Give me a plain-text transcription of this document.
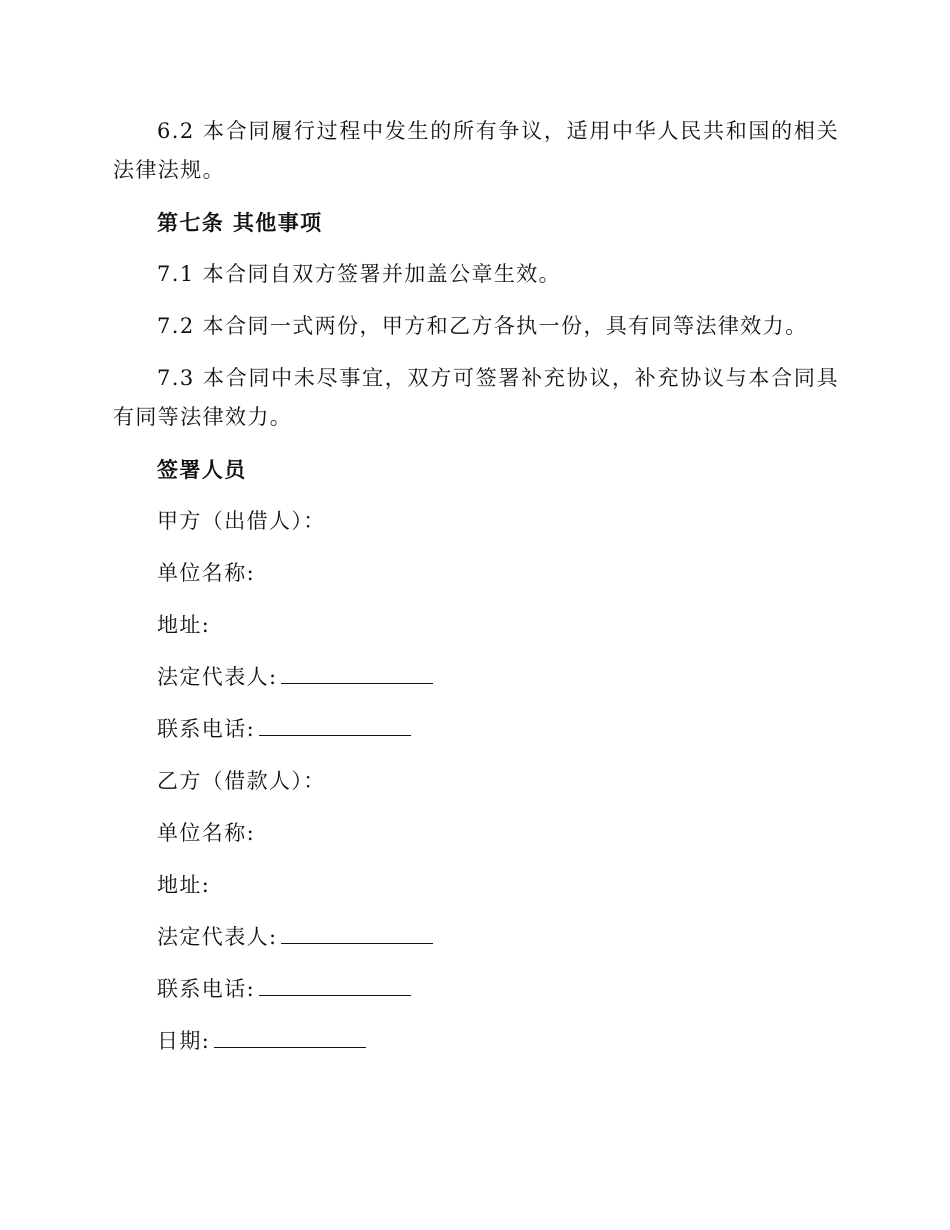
6.2 本合同履行过程中发生的所有争议，适用中华人民共和国的相关法律法规。

第七条 其他事项

7.1 本合同自双方签署并加盖公章生效。

7.2 本合同一式两份，甲方和乙方各执一份，具有同等法律效力。

7.3 本合同中未尽事宜，双方可签署补充协议，补充协议与本合同具有同等法律效力。

签署人员
甲方（出借人）：
单位名称:
地址:
法定代表人:
联系电话:
乙方（借款人）：
单位名称:
地址:
法定代表人:
联系电话:
日期:
